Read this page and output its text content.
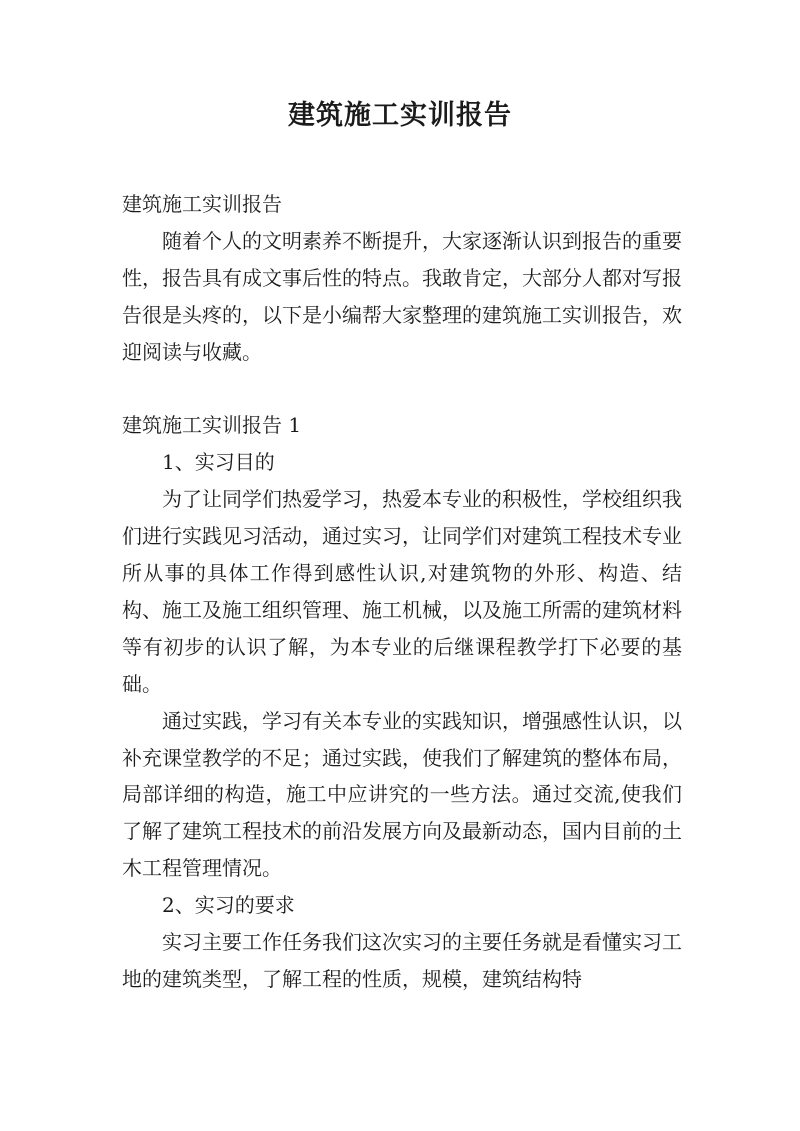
建筑施工实训报告

建筑施工实训报告

随着个人的文明素养不断提升，大家逐渐认识到报告的重要性，报告具有成文事后性的特点。我敢肯定，大部分人都对写报告很是头疼的，以下是小编帮大家整理的建筑施工实训报告，欢迎阅读与收藏。

建筑施工实训报告 1

1、实习目的

为了让同学们热爱学习，热爱本专业的积极性，学校组织我们进行实践见习活动，通过实习，让同学们对建筑工程技术专业所从事的具体工作得到感性认识,对建筑物的外形、构造、结构、施工及施工组织管理、施工机械，以及施工所需的建筑材料等有初步的认识了解，为本专业的后继课程教学打下必要的基础。

通过实践，学习有关本专业的实践知识，增强感性认识，以补充课堂教学的不足；通过实践，使我们了解建筑的整体布局，局部详细的构造，施工中应讲究的一些方法。通过交流,使我们了解了建筑工程技术的前沿发展方向及最新动态，国内目前的土木工程管理情况。

2、实习的要求

实习主要工作任务我们这次实习的主要任务就是看懂实习工地的建筑类型，了解工程的性质，规模，建筑结构特
